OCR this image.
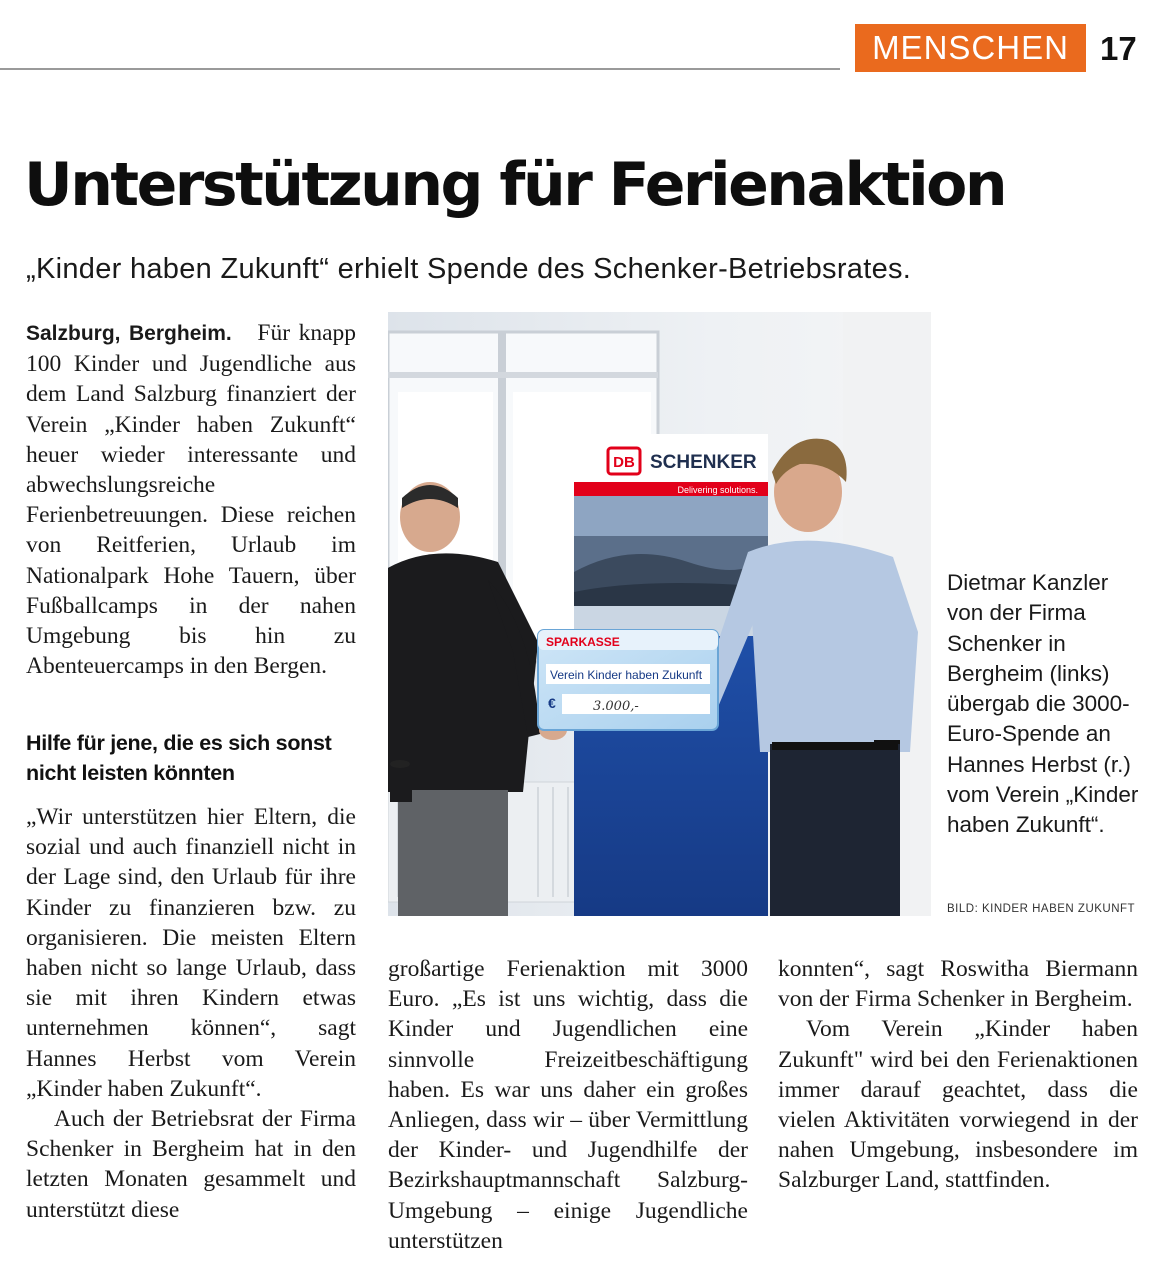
MENSCHEN 17
Unterstützung für Ferienaktion
„Kinder haben Zukunft“ erhielt Spende des Schenker-Betriebsrates.

Salzburg, Bergheim. Für knapp 100 Kinder und Jugendliche aus dem Land Salzburg finanziert der Verein „Kinder haben Zukunft“ heuer wieder interessante und abwechslungsreiche Ferienbetreuungen. Diese reichen von Reitferien, Urlaub im Nationalpark Hohe Tauern, über Fußballcamps in der nahen Umgebung bis hin zu Abenteuercamps in den Bergen.

Hilfe für jene, die es sich sonst nicht leisten könnten

„Wir unterstützen hier Eltern, die sozial und auch finanziell nicht in der Lage sind, den Urlaub für ihre Kinder zu finanzieren bzw. zu organisieren. Die meisten Eltern haben nicht so lange Urlaub, dass sie mit ihren Kindern etwas unternehmen können“, sagt Hannes Herbst vom Verein „Kinder haben Zukunft“.

Auch der Betriebsrat der Firma Schenker in Bergheim hat in den letzten Monaten gesammelt und unterstützt diese

DB SCHENKER
Delivering solutions.
SPARKASSE
Verein Kinder haben Zukunft
€	3.000,-
Dietmar Kanzler von der Firma Schenker in Bergheim (links) übergab die 3000-Euro-Spende an Hannes Herbst (r.) vom Verein „Kinder haben Zukunft“.
BILD: KINDER HABEN ZUKUNFT

großartige Ferienaktion mit 3000 Euro. „Es ist uns wichtig, dass die Kinder und Jugendlichen eine sinnvolle Freizeitbeschäftigung haben. Es war uns daher ein großes Anliegen, dass wir – über Vermittlung der Kinder- und Jugendhilfe der Bezirkshauptmannschaft Salzburg-Umgebung – einige Jugendliche unterstützen

konnten“, sagt Roswitha Biermann von der Firma Schenker in Bergheim.

Vom Verein „Kinder haben Zukunft" wird bei den Ferienaktionen immer darauf geachtet, dass die vielen Aktivitäten vorwiegend in der nahen Umgebung, insbesondere im Salzburger Land, stattfinden.
